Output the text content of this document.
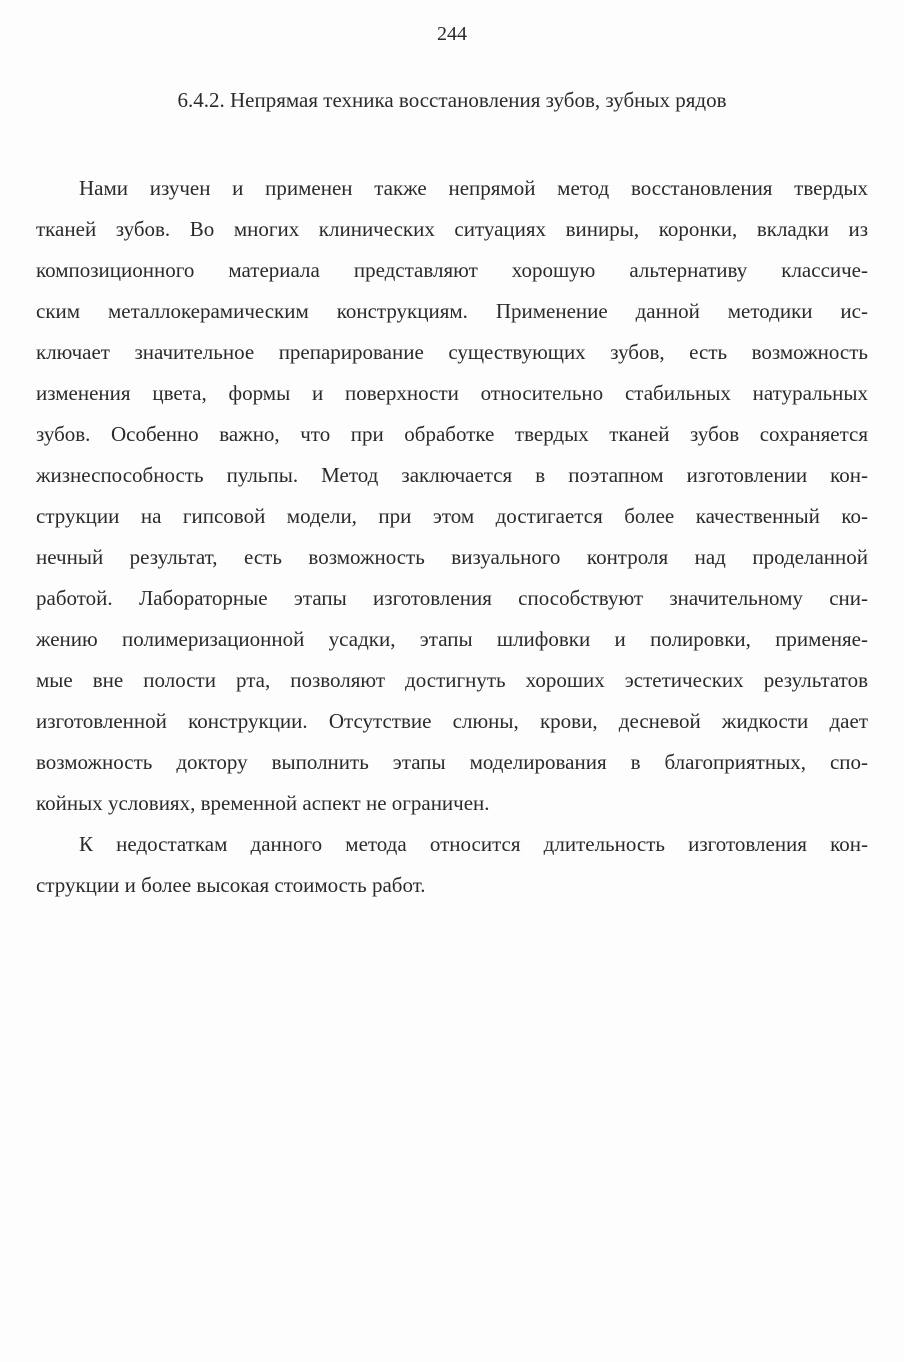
244
6.4.2. Непрямая техника восстановления зубов, зубных рядов

Нами изучен и применен также непрямой метод восстановления твердых
тканей зубов. Во многих клинических ситуациях виниры, коронки, вкладки из
композиционного материала представляют хорошую альтернативу классиче-
ским металлокерамическим конструкциям. Применение данной методики ис-
ключает значительное препарирование существующих зубов, есть возможность
изменения цвета, формы и поверхности относительно стабильных натуральных
зубов. Особенно важно, что при обработке твердых тканей зубов сохраняется
жизнеспособность пульпы. Метод заключается в поэтапном изготовлении кон-
струкции на гипсовой модели, при этом достигается более качественный ко-
нечный результат, есть возможность визуального контроля над проделанной
работой. Лабораторные этапы изготовления способствуют значительному сни-
жению полимеризационной усадки, этапы шлифовки и полировки, применяе-
мые вне полости рта, позволяют достигнуть хороших эстетических результатов
изготовленной конструкции. Отсутствие слюны, крови, десневой жидкости дает
возможность доктору выполнить этапы моделирования в благоприятных, спо-
койных условиях, временной аспект не ограничен.

К недостаткам данного метода относится длительность изготовления кон-
струкции и более высокая стоимость работ.
